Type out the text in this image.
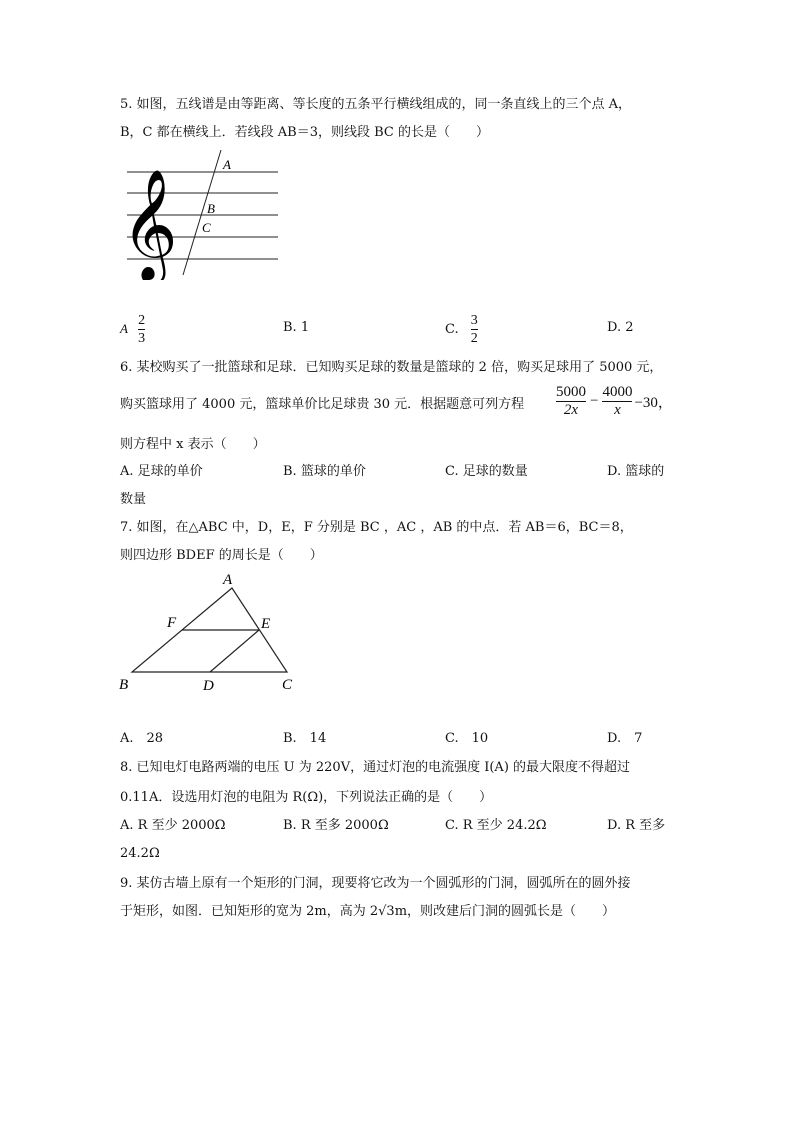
5. 如图，五线谱是由等距离、等长度的五条平行横线组成的，同一条直线上的三个点 A，
B，C 都在横线上．若线段 AB＝3，则线段 BC 的长是（　　）
𝄞
A
B
C
A $\frac{2}{3}$	B. 1	C. $\frac{3}{2}$	D. 2
6. 某校购买了一批篮球和足球．已知购买足球的数量是篮球的 2 倍，购买足球用了 5000 元，
购买篮球用了 4000 元，篮球单价比足球贵 30 元．根据题意可列方程 $\frac{5000}{2x} - \frac{4000}{x} -30$，
则方程中 x 表示（　　）
A. 足球的单价	B. 篮球的单价	C. 足球的数量	D. 篮球的
数量
7. 如图，在△ABC 中，D，E，F 分别是 BC ，AC ，AB 的中点．若 AB＝6，BC＝8，
则四边形 BDEF 的周长是（　　）
A
B	C
D
E
F
A.　28	B.　14	C.　10	D.　7
8. 已知电灯电路两端的电压 U 为 220V，通过灯泡的电流强度 I(A) 的最大限度不得超过
0.11A．设选用灯泡的电阻为 R(Ω)，下列说法正确的是（　　）
A. R 至少 2000Ω	B. R 至多 2000Ω	C. R 至少 24.2Ω	D. R 至多
24.2Ω
9. 某仿古墙上原有一个矩形的门洞，现要将它改为一个圆弧形的门洞，圆弧所在的圆外接
于矩形，如图．已知矩形的宽为 2m，高为 2√3m，则改建后门洞的圆弧长是（　　）
